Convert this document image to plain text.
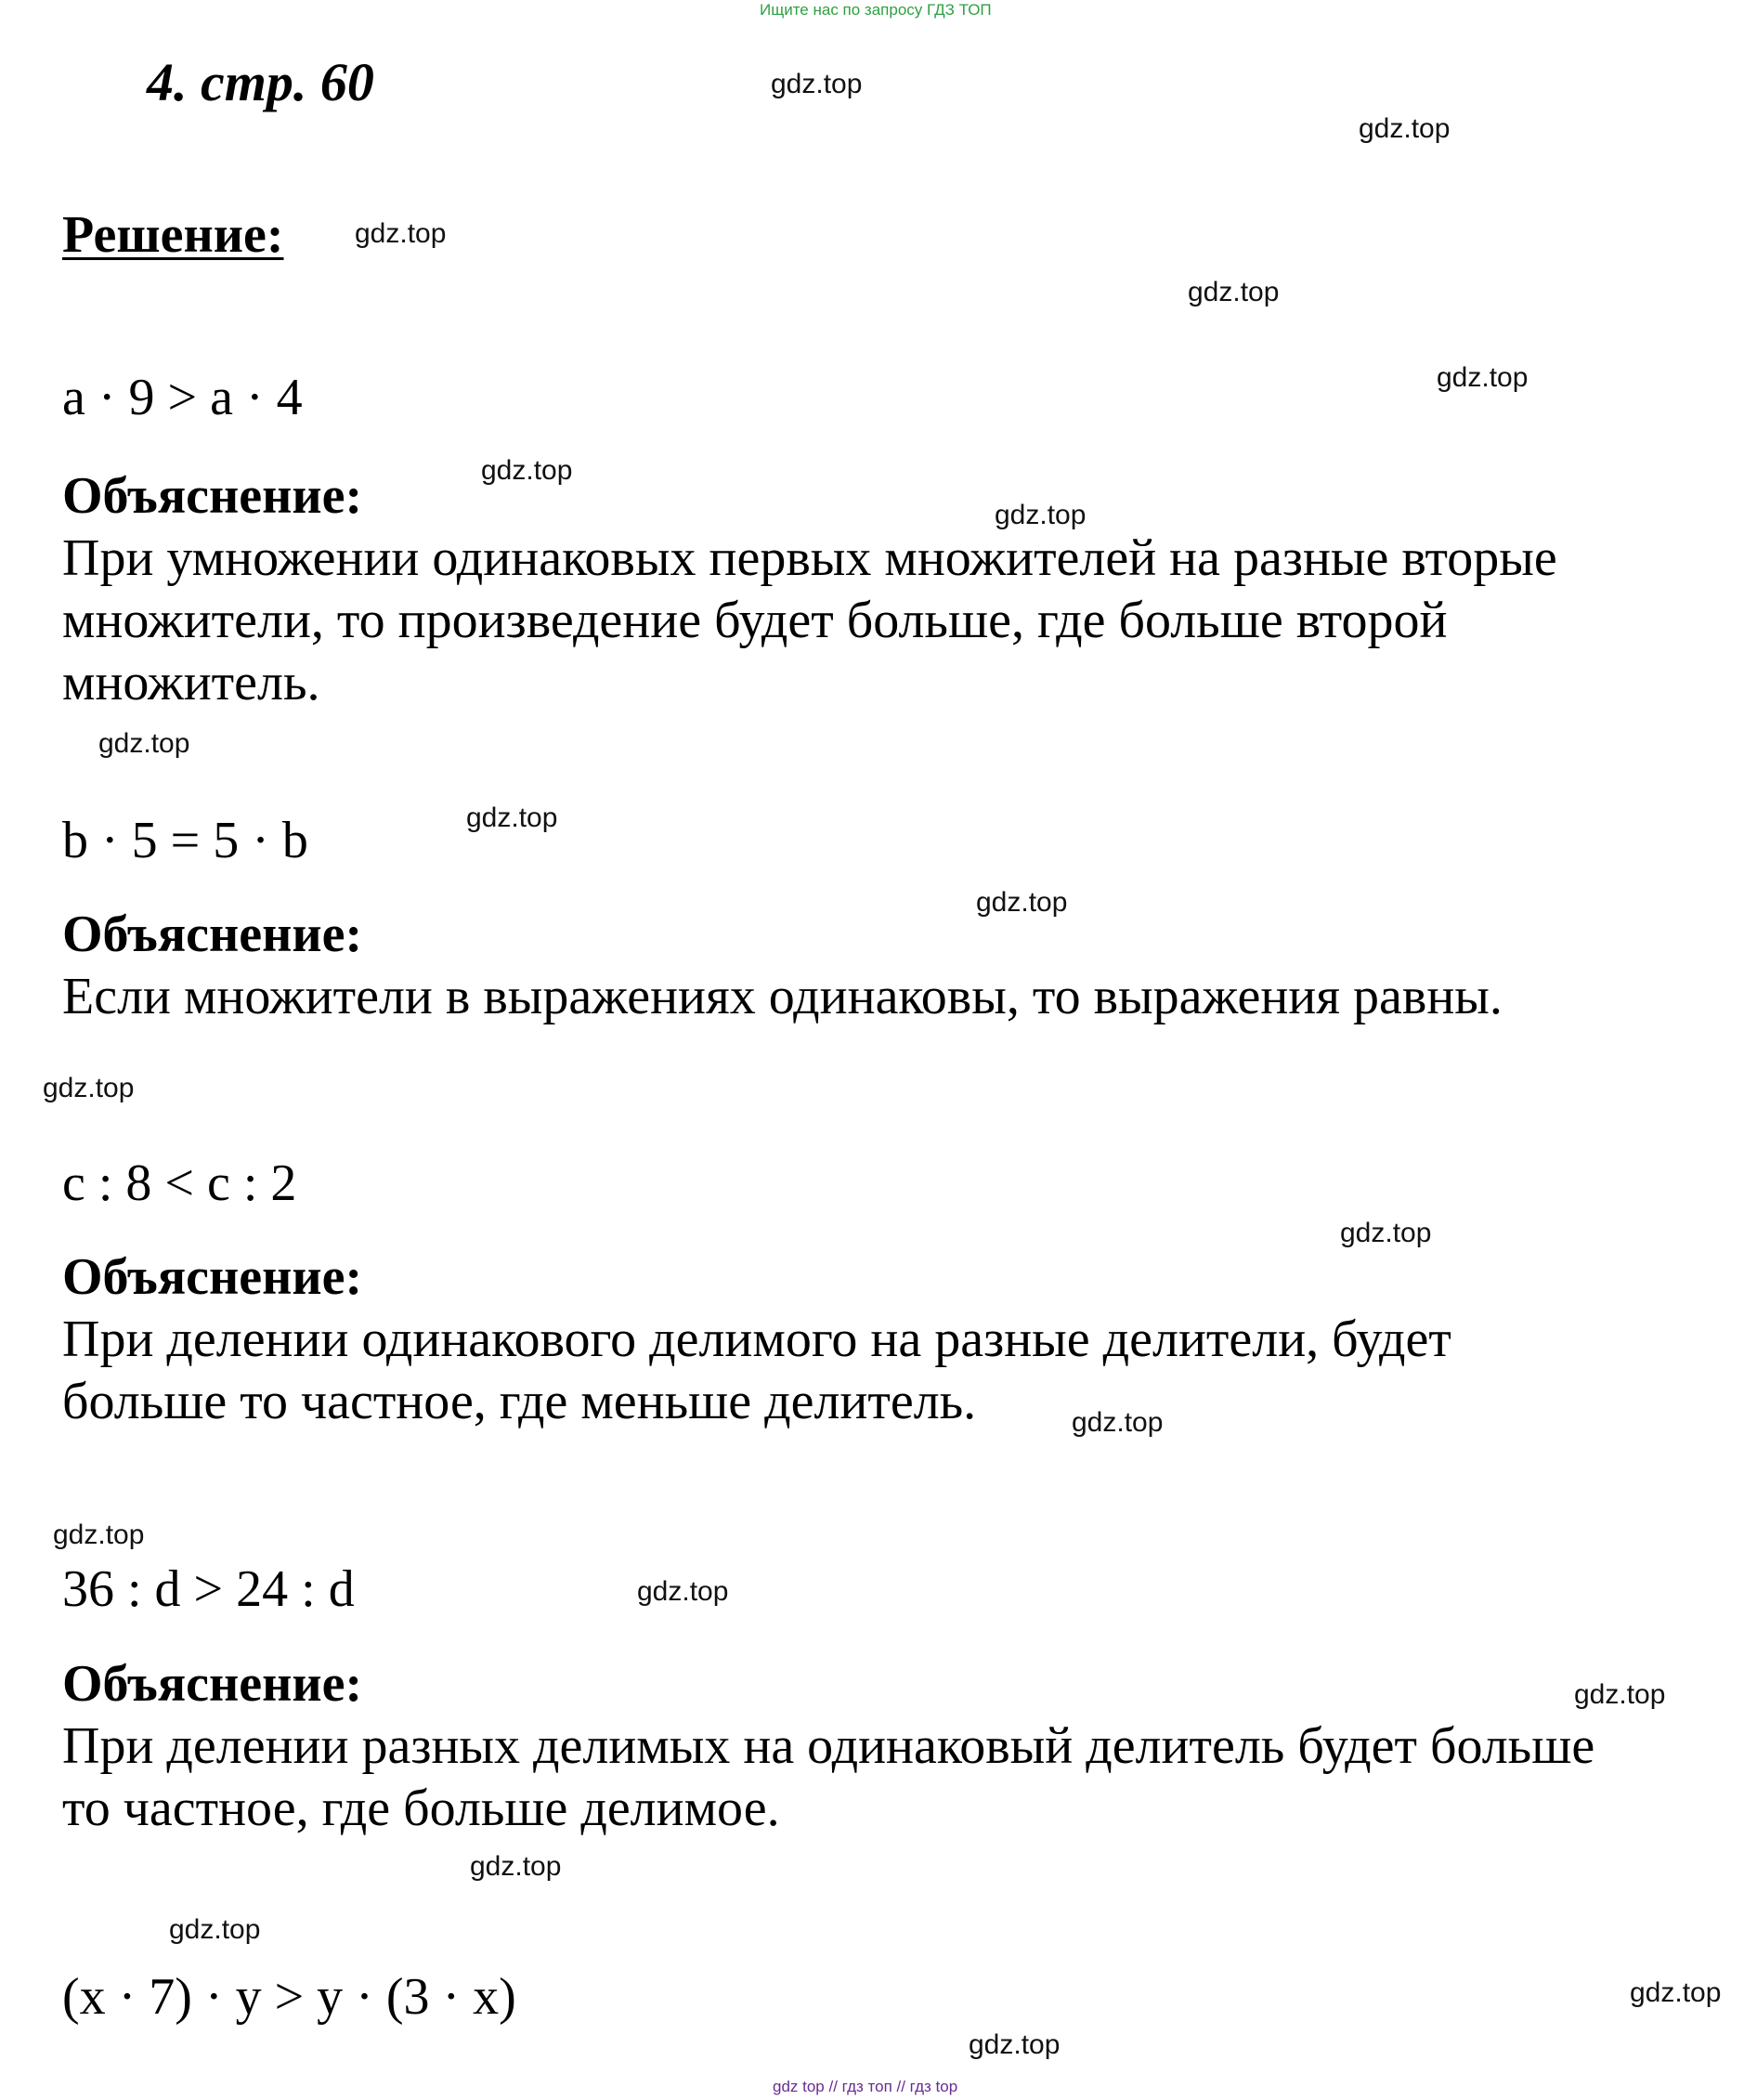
Ищите нас по запросу ГДЗ ТОП
4. стр. 60
Решение:
a · 9 > a · 4
Объяснение:
При умножении одинаковых первых множителей на разные вторые
множители, то произведение будет больше, где больше второй
множитель.
b · 5 = 5 · b
Объяснение:
Если множители в выражениях одинаковы, то выражения равны.
c : 8 < c : 2
Объяснение:
При делении одинакового делимого на разные делители, будет
больше то частное, где меньше делитель.
36 : d > 24 : d
Объяснение:
При делении разных делимых на одинаковый делитель будет больше
то частное, где больше делимое.
(x · 7) · y > y · (3 · x)
gdz.top
gdz.top
gdz.top
gdz.top
gdz.top
gdz.top
gdz.top
gdz.top
gdz.top
gdz.top
gdz.top
gdz.top
gdz.top
gdz.top
gdz.top
gdz.top
gdz.top
gdz.top
gdz.top
gdz.top
gdz top // гдз топ // гдз top
